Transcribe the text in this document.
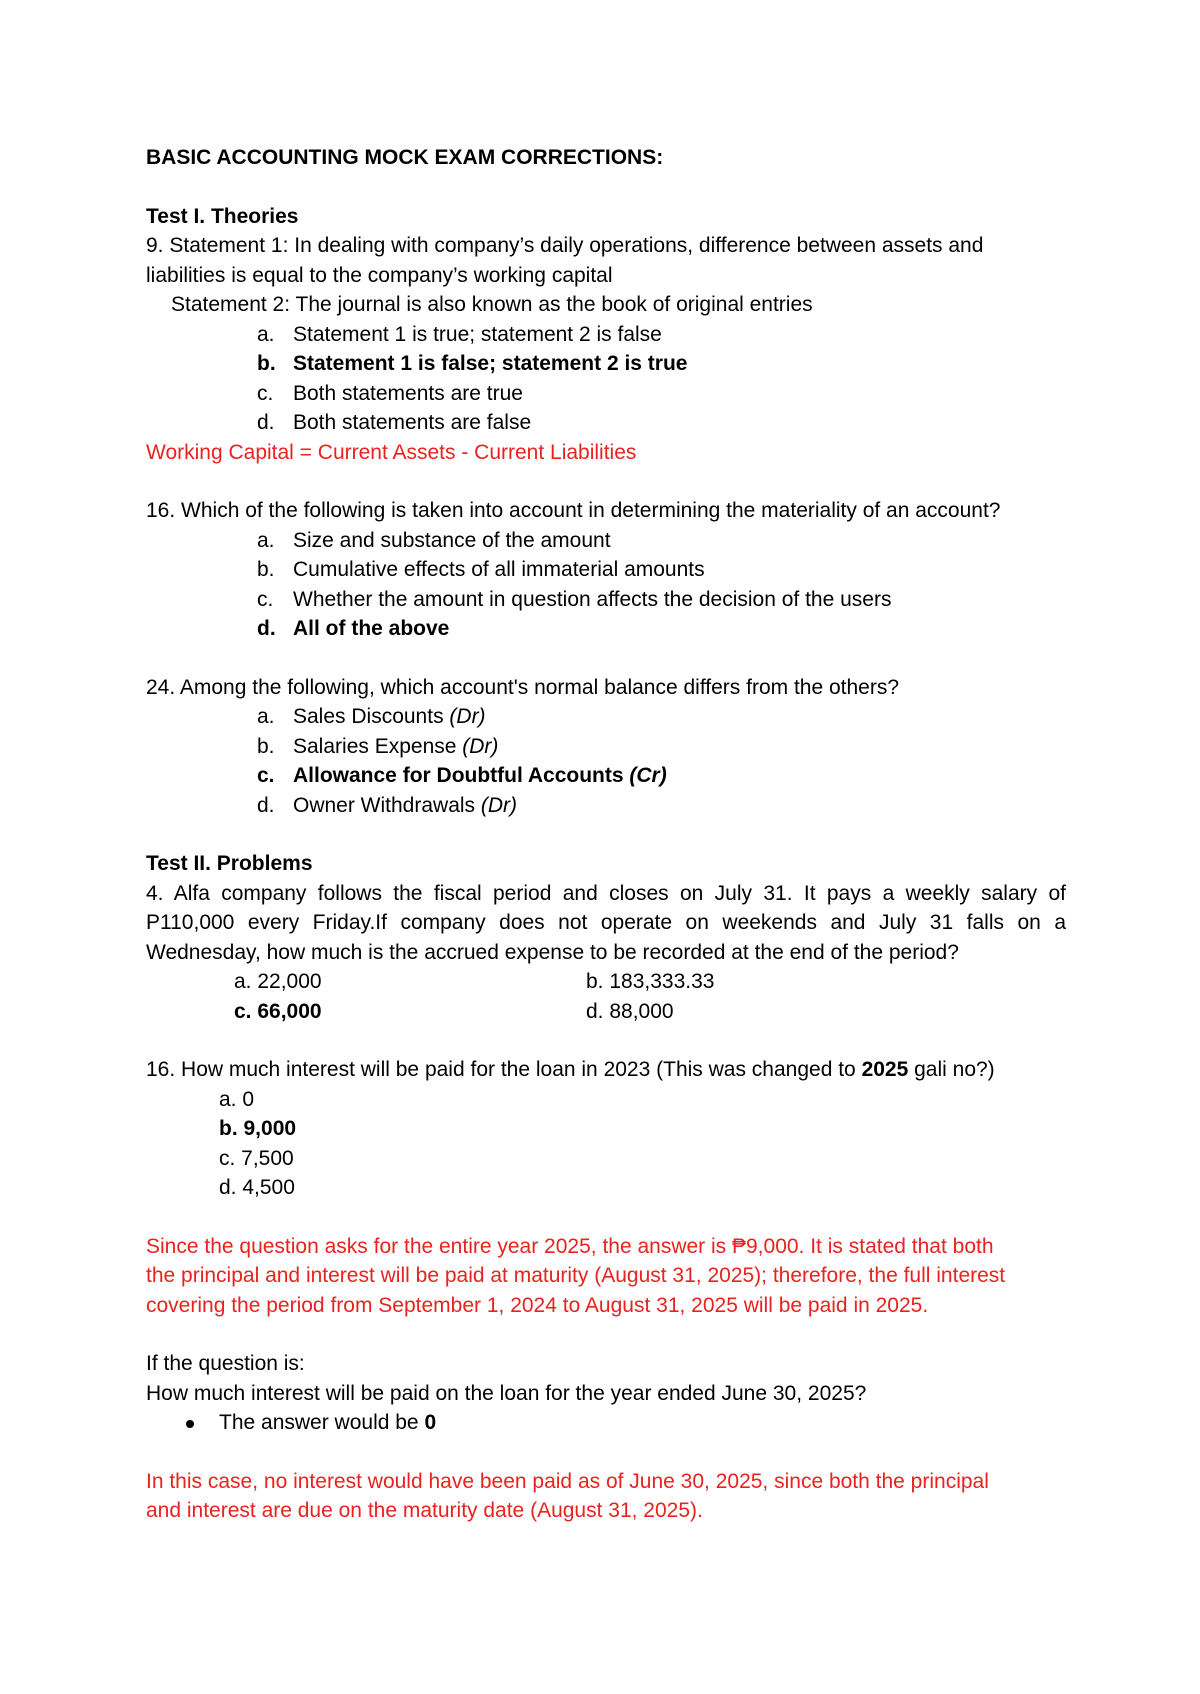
BASIC ACCOUNTING MOCK EXAM CORRECTIONS:
Test I. Theories
9. Statement 1: In dealing with company’s daily operations, difference between assets and
liabilities is equal to the company’s working capital
Statement 2: The journal is also known as the book of original entries
a. Statement 1 is true; statement 2 is false
b. Statement 1 is false; statement 2 is true
c. Both statements are true
d. Both statements are false
Working Capital = Current Assets - Current Liabilities
16. Which of the following is taken into account in determining the materiality of an account?
a. Size and substance of the amount
b. Cumulative effects of all immaterial amounts
c. Whether the amount in question affects the decision of the users
d. All of the above
24. Among the following, which account's normal balance differs from the others?
a. Sales Discounts (Dr)
b. Salaries Expense (Dr)
c. Allowance for Doubtful Accounts (Cr)
d. Owner Withdrawals (Dr)
Test II. Problems
4. Alfa company follows the fiscal period and closes on July 31. It pays a weekly salary of
P110,000 every Friday.If company does not operate on weekends and July 31 falls on a
Wednesday, how much is the accrued expense to be recorded at the end of the period?
a. 22,000	b. 183,333.33
c. 66,000	d. 88,000
16. How much interest will be paid for the loan in 2023 (This was changed to 2025 gali no?)
a. 0
b. 9,000
c. 7,500
d. 4,500
Since the question asks for the entire year 2025, the answer is ₱9,000. It is stated that both
the principal and interest will be paid at maturity (August 31, 2025); therefore, the full interest
covering the period from September 1, 2024 to August 31, 2025 will be paid in 2025.
If the question is:
How much interest will be paid on the loan for the year ended June 30, 2025?
The answer would be 0
In this case, no interest would have been paid as of June 30, 2025, since both the principal
and interest are due on the maturity date (August 31, 2025).
